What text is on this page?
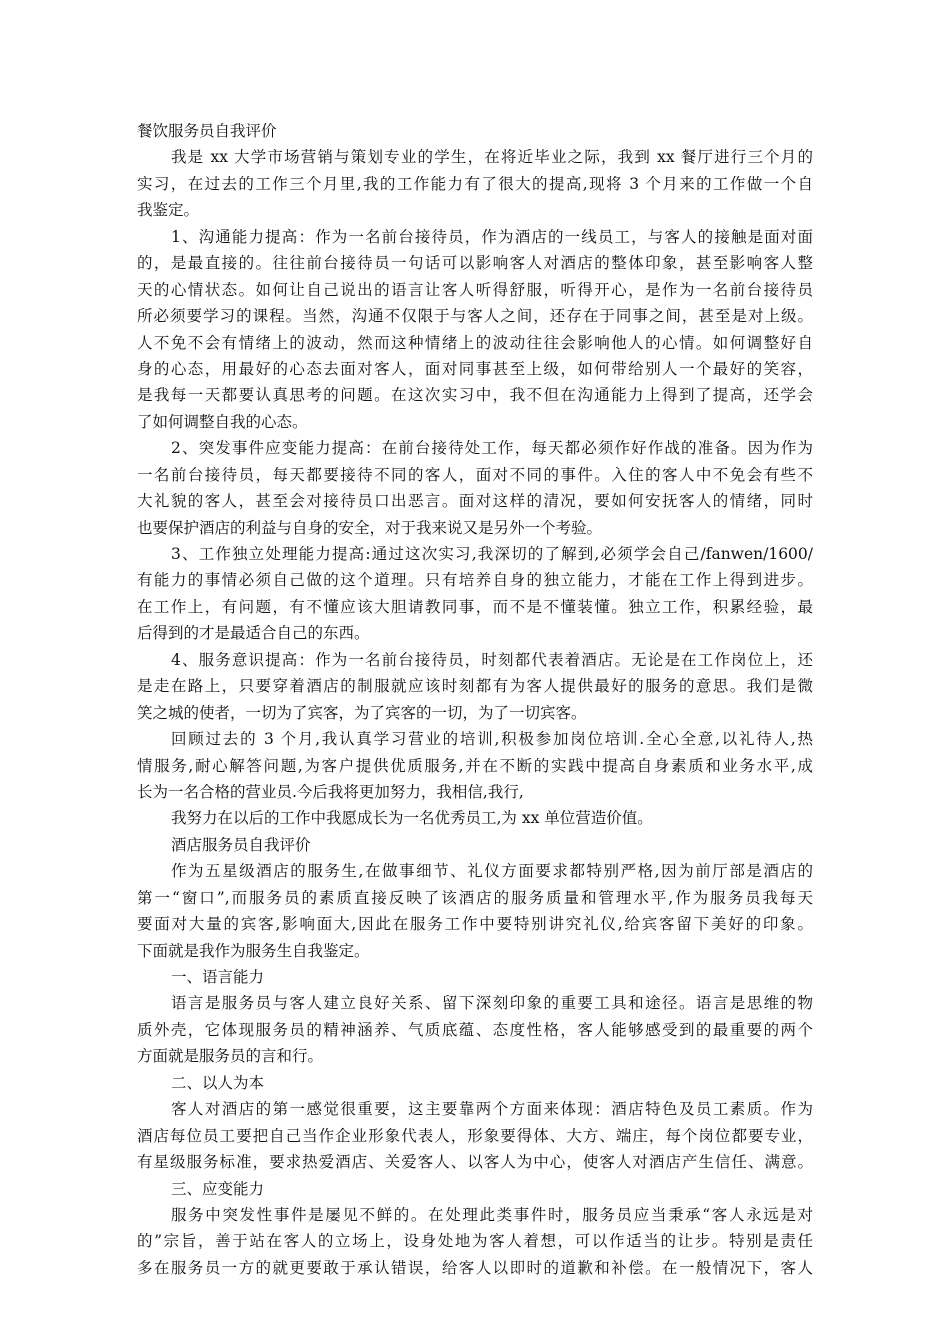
餐饮服务员自我评价
我是 xx 大学市场营销与策划专业的学生，在将近毕业之际，我到 xx 餐厅进行三个月的
实习，在过去的工作三个月里,我的工作能力有了很大的提高,现将 3 个月来的工作做一个自
我鉴定。
1、沟通能力提高：作为一名前台接待员，作为酒店的一线员工，与客人的接触是面对面
的，是最直接的。往往前台接待员一句话可以影响客人对酒店的整体印象，甚至影响客人整
天的心情状态。如何让自己说出的语言让客人听得舒服，听得开心，是作为一名前台接待员
所必须要学习的课程。当然，沟通不仅限于与客人之间，还存在于同事之间，甚至是对上级。
人不免不会有情绪上的波动，然而这种情绪上的波动往往会影响他人的心情。如何调整好自
身的心态，用最好的心态去面对客人，面对同事甚至上级，如何带给别人一个最好的笑容，
是我每一天都要认真思考的问题。在这次实习中，我不但在沟通能力上得到了提高，还学会
了如何调整自我的心态。
2、突发事件应变能力提高：在前台接待处工作，每天都必须作好作战的准备。因为作为
一名前台接待员，每天都要接待不同的客人，面对不同的事件。入住的客人中不免会有些不
大礼貌的客人，甚至会对接待员口出恶言。面对这样的清况，要如何安抚客人的情绪，同时
也要保护酒店的利益与自身的安全，对于我来说又是另外一个考验。
3、工作独立处理能力提高:通过这次实习,我深切的了解到,必须学会自己/fanwen/1600/
有能力的事情必须自己做的这个道理。只有培养自身的独立能力，才能在工作上得到进步。
在工作上，有问题，有不懂应该大胆请教同事，而不是不懂装懂。独立工作，积累经验，最
后得到的才是最适合自己的东西。
4、服务意识提高：作为一名前台接待员，时刻都代表着酒店。无论是在工作岗位上，还
是走在路上，只要穿着酒店的制服就应该时刻都有为客人提供最好的服务的意思。我们是微
笑之城的使者，一切为了宾客，为了宾客的一切，为了一切宾客。
回顾过去的 3 个月,我认真学习营业的培训,积极参加岗位培训.全心全意,以礼待人,热
情服务,耐心解答问题,为客户提供优质服务,并在不断的实践中提高自身素质和业务水平,成
长为一名合格的营业员.今后我将更加努力，我相信,我行,
我努力在以后的工作中我愿成长为一名优秀员工,为 xx 单位营造价值。
酒店服务员自我评价
作为五星级酒店的服务生,在做事细节、礼仪方面要求都特别严格,因为前厅部是酒店的
第一“窗口”,而服务员的素质直接反映了该酒店的服务质量和管理水平,作为服务员我每天
要面对大量的宾客,影响面大,因此在服务工作中要特别讲究礼仪,给宾客留下美好的印象。
下面就是我作为服务生自我鉴定。
一、语言能力
语言是服务员与客人建立良好关系、留下深刻印象的重要工具和途径。语言是思维的物
质外壳，它体现服务员的精神涵养、气质底蕴、态度性格，客人能够感受到的最重要的两个
方面就是服务员的言和行。
二、以人为本
客人对酒店的第一感觉很重要，这主要靠两个方面来体现：酒店特色及员工素质。作为
酒店每位员工要把自己当作企业形象代表人，形象要得体、大方、端庄，每个岗位都要专业，
有星级服务标准，要求热爱酒店、关爱客人、以客人为中心，使客人对酒店产生信任、满意。
三、应变能力
服务中突发性事件是屡见不鲜的。在处理此类事件时，服务员应当秉承“客人永远是对
的”宗旨，善于站在客人的立场上，设身处地为客人着想，可以作适当的让步。特别是责任
多在服务员一方的就更要敢于承认错误，给客人以即时的道歉和补偿。在一般情况下，客人
